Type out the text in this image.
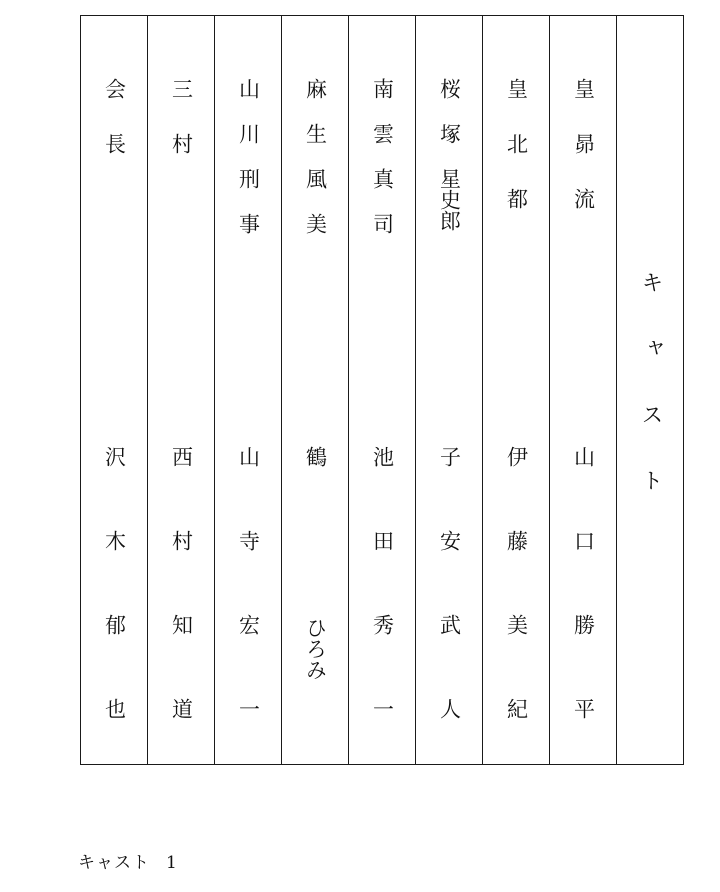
会長
沢木郁也
三村
西村知道
山川刑事
山寺宏一
麻生風美
鶴ひろみ
南雲真司
池田秀一
桜塚星史郎
子安武人
皇北都
伊藤美紀
皇昴流
山口勝平
キャスト
キャスト 1
